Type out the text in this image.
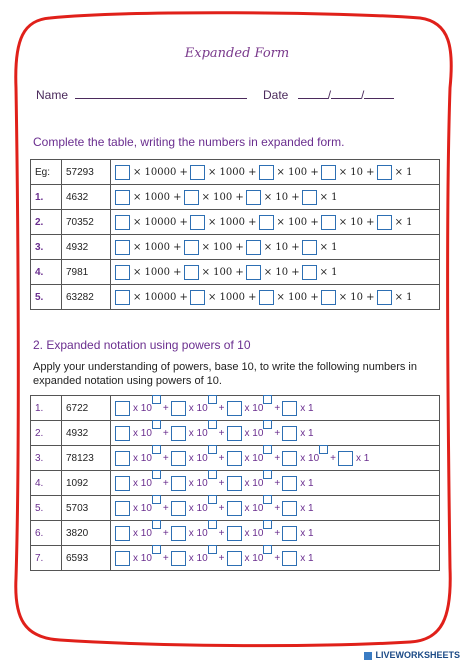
Expanded Form
Name	Date	/	/
Complete the table, writing the numbers in expanded form.
Eg:	57293	× 10000 + × 1000 + × 100 + × 10 + × 1
1.	4632	× 1000 + × 100 + × 10 + × 1
2.	70352	× 10000 + × 1000 + × 100 + × 10 + × 1
3.	4932	× 1000 + × 100 + × 10 + × 1
4.	7981	× 1000 + × 100 + × 10 + × 1
5.	63282	× 10000 + × 1000 + × 100 + × 10 + × 1
2. Expanded notation using powers of 10
Apply your understanding of powers, base 10, to write the following numbers in expanded notation using powers of 10.
1.	6722	x 10 + x 10 + x 10 + x 1
2.	4932	x 10 + x 10 + x 10 + x 1
3.	78123	x 10 + x 10 + x 10 + x 10 + x 1
4.	1092	x 10 + x 10 + x 10 + x 1
5.	5703	x 10 + x 10 + x 10 + x 1
6.	3820	x 10 + x 10 + x 10 + x 1
7.	6593	x 10 + x 10 + x 10 + x 1
LIVEWORKSHEETS
